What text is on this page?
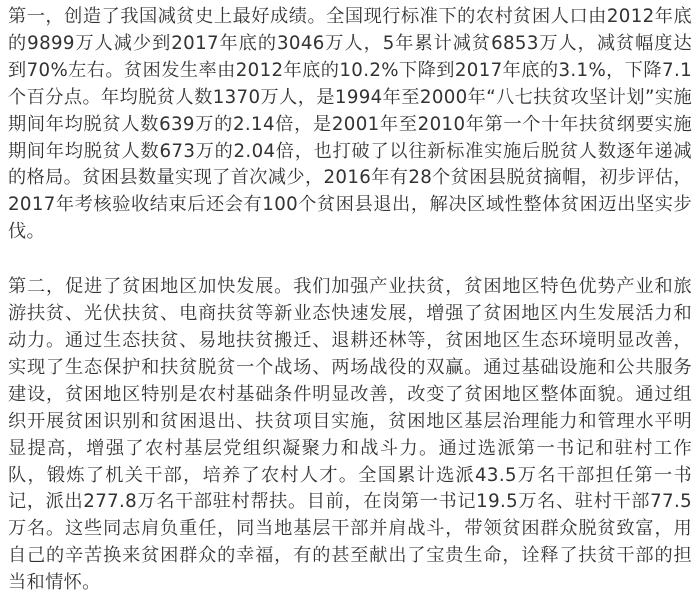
第一，创造了我国减贫史上最好成绩。全国现行标准下的农村贫困人口由2012年底的9899万人减少到2017年底的3046万人，5年累计减贫6853万人，减贫幅度达到70%左右。贫困发生率由2012年底的10.2%下降到2017年底的3.1%，下降7.1个百分点。年均脱贫人数1370万人，是1994年至2000年“八七扶贫攻坚计划”实施期间年均脱贫人数639万的2.14倍，是2001年至2010年第一个十年扶贫纲要实施期间年均脱贫人数673万的2.04倍，也打破了以往新标准实施后脱贫人数逐年递减的格局。贫困县数量实现了首次减少，2016年有28个贫困县脱贫摘帽，初步评估，2017年考核验收结束后还会有100个贫困县退出，解决区域性整体贫困迈出坚实步伐。

第二，促进了贫困地区加快发展。我们加强产业扶贫，贫困地区特色优势产业和旅游扶贫、光伏扶贫、电商扶贫等新业态快速发展，增强了贫困地区内生发展活力和动力。通过生态扶贫、易地扶贫搬迁、退耕还林等，贫困地区生态环境明显改善，实现了生态保护和扶贫脱贫一个战场、两场战役的双赢。通过基础设施和公共服务建设，贫困地区特别是农村基础条件明显改善，改变了贫困地区整体面貌。通过组织开展贫困识别和贫困退出、扶贫项目实施，贫困地区基层治理能力和管理水平明显提高，增强了农村基层党组织凝聚力和战斗力。通过选派第一书记和驻村工作队，锻炼了机关干部，培养了农村人才。全国累计选派43.5万名干部担任第一书记，派出277.8万名干部驻村帮扶。目前，在岗第一书记19.5万名、驻村干部77.5万名。这些同志肩负重任，同当地基层干部并肩战斗，带领贫困群众脱贫致富，用自己的辛苦换来贫困群众的幸福，有的甚至献出了宝贵生命，诠释了扶贫干部的担当和情怀。
